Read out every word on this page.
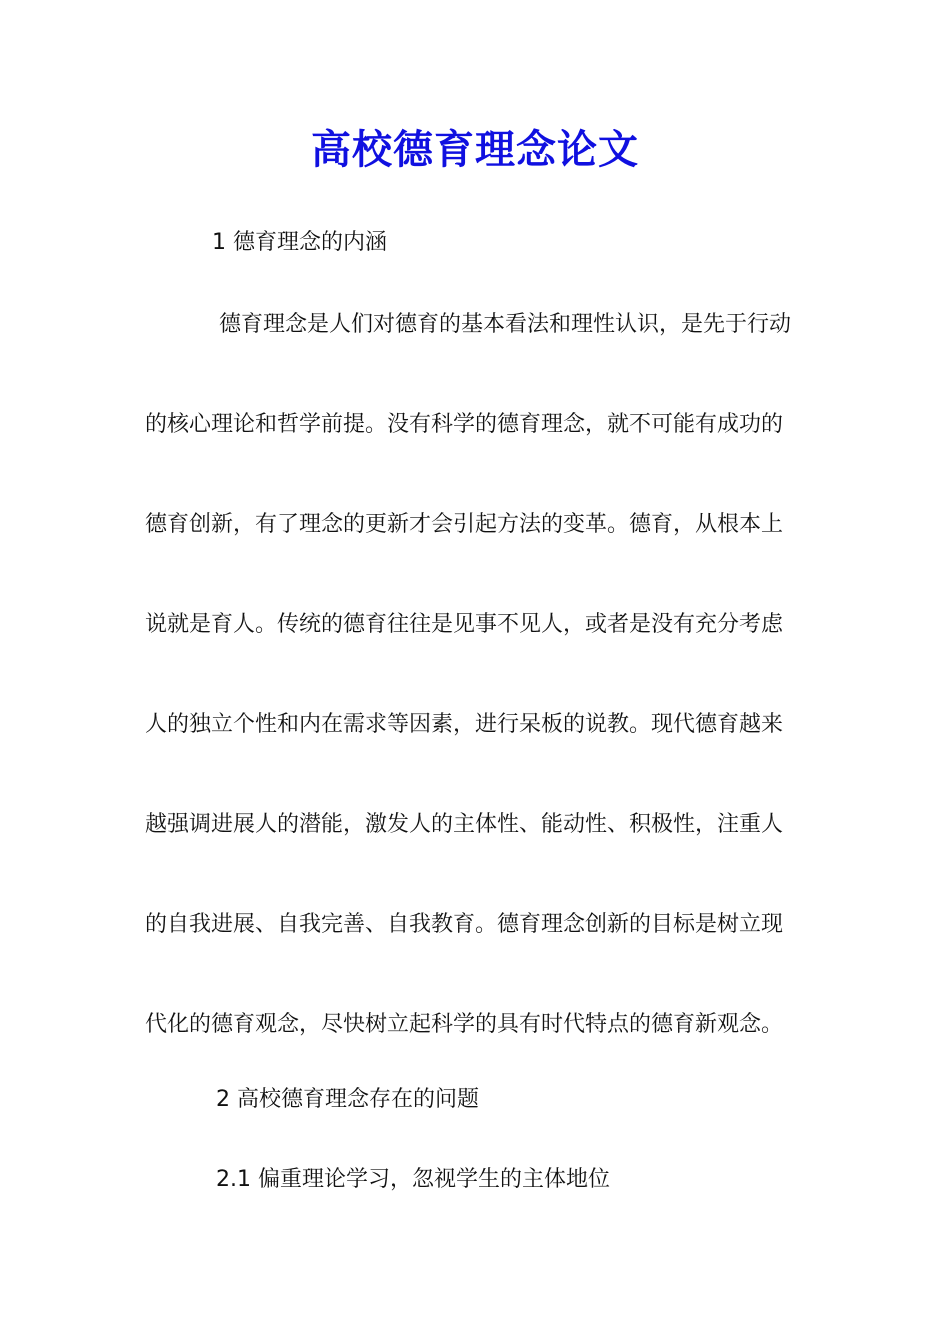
高校德育理念论文
1 德育理念的内涵
德育理念是人们对德育的基本看法和理性认识，是先于行动
的核心理论和哲学前提。没有科学的德育理念，就不可能有成功的
德育创新，有了理念的更新才会引起方法的变革。德育，从根本上
说就是育人。传统的德育往往是见事不见人，或者是没有充分考虑
人的独立个性和内在需求等因素，进行呆板的说教。现代德育越来
越强调进展人的潜能，激发人的主体性、能动性、积极性，注重人
的自我进展、自我完善、自我教育。德育理念创新的目标是树立现
代化的德育观念，尽快树立起科学的具有时代特点的德育新观念。
2 高校德育理念存在的问题
2.1 偏重理论学习，忽视学生的主体地位
